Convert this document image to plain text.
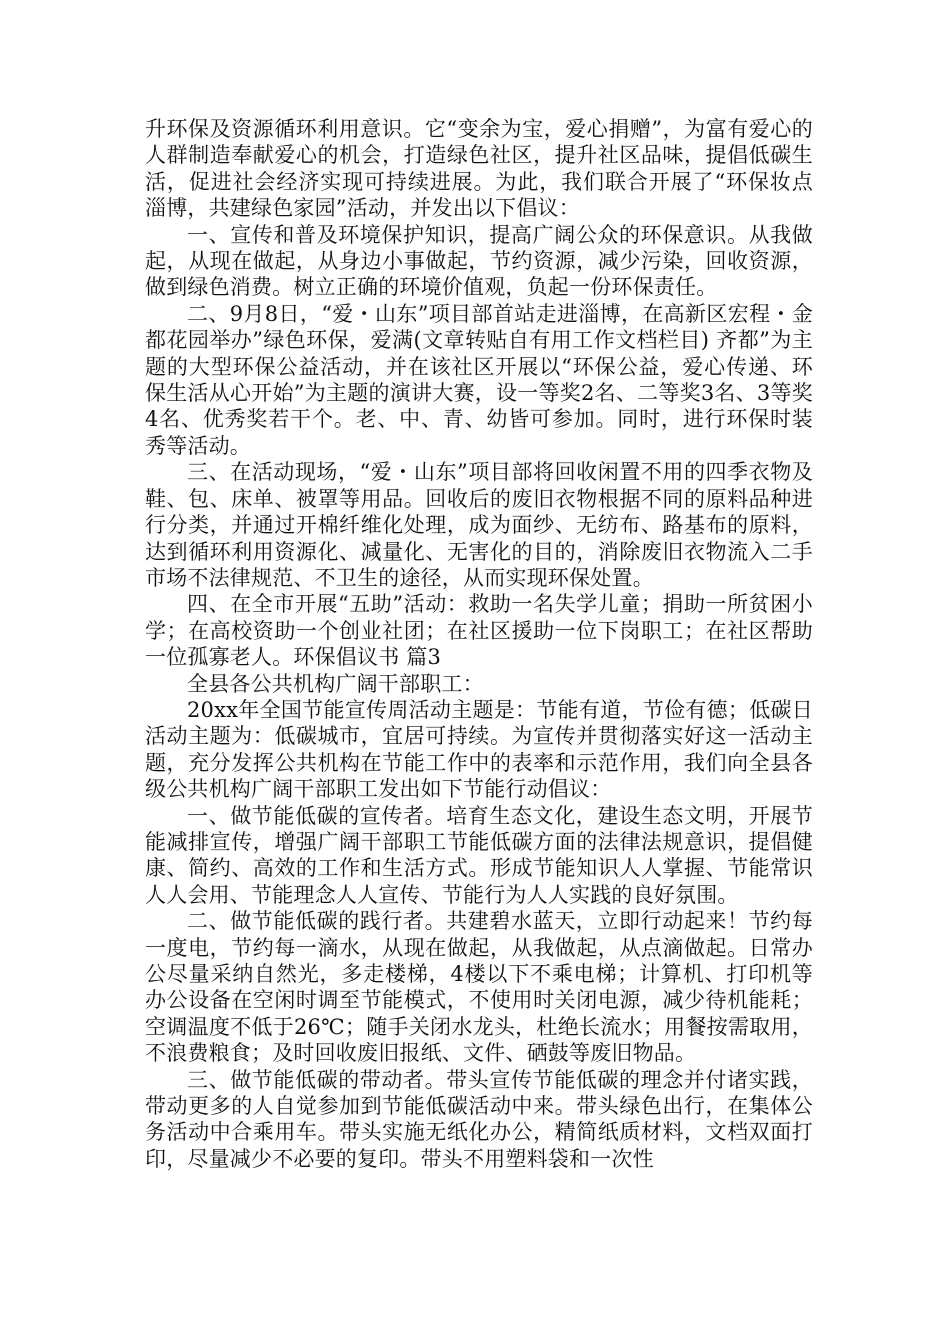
升环保及资源循环利用意识。它“变余为宝，爱心捐赠”，为富有爱心的人群制造奉献爱心的机会，打造绿色社区，提升社区品味，提倡低碳生活，促进社会经济实现可持续进展。为此，我们联合开展了“环保妆点淄博，共建绿色家园”活动，并发出以下倡议：

一、宣传和普及环境保护知识，提高广阔公众的环保意识。从我做起，从现在做起，从身边小事做起，节约资源，减少污染，回收资源，做到绿色消费。树立正确的环境价值观，负起一份环保责任。

二、9月8日，“爱・山东”项目部首站走进淄博，在高新区宏程・金都花园举办”绿色环保，爱满(文章转贴自有用工作文档栏目) 齐都”为主题的大型环保公益活动，并在该社区开展以“环保公益，爱心传递、环保生活从心开始”为主题的演讲大赛，设一等奖2名、二等奖3名、3等奖4名、优秀奖若干个。老、中、青、幼皆可参加。同时，进行环保时装秀等活动。

三、在活动现场，“爱・山东”项目部将回收闲置不用的四季衣物及鞋、包、床单、被罩等用品。回收后的废旧衣物根据不同的原料品种进行分类，并通过开棉纤维化处理，成为面纱、无纺布、路基布的原料，达到循环利用资源化、减量化、无害化的目的，消除废旧衣物流入二手市场不法律规范、不卫生的途径，从而实现环保处置。

四、在全市开展“五助”活动：救助一名失学儿童；捐助一所贫困小学；在高校资助一个创业社团；在社区援助一位下岗职工；在社区帮助一位孤寡老人。环保倡议书 篇3

全县各公共机构广阔干部职工：

20xx年全国节能宣传周活动主题是：节能有道，节俭有德；低碳日活动主题为：低碳城市，宜居可持续。为宣传并贯彻落实好这一活动主题，充分发挥公共机构在节能工作中的表率和示范作用，我们向全县各级公共机构广阔干部职工发出如下节能行动倡议：

一、做节能低碳的宣传者。培育生态文化，建设生态文明，开展节能减排宣传，增强广阔干部职工节能低碳方面的法律法规意识，提倡健康、简约、高效的工作和生活方式。形成节能知识人人掌握、节能常识人人会用、节能理念人人宣传、节能行为人人实践的良好氛围。

二、做节能低碳的践行者。共建碧水蓝天，立即行动起来！节约每一度电，节约每一滴水，从现在做起，从我做起，从点滴做起。日常办公尽量采纳自然光，多走楼梯，4楼以下不乘电梯；计算机、打印机等办公设备在空闲时调至节能模式，不使用时关闭电源，减少待机能耗；空调温度不低于26℃；随手关闭水龙头，杜绝长流水；用餐按需取用，不浪费粮食；及时回收废旧报纸、文件、硒鼓等废旧物品。

三、做节能低碳的带动者。带头宣传节能低碳的理念并付诸实践，带动更多的人自觉参加到节能低碳活动中来。带头绿色出行，在集体公务活动中合乘用车。带头实施无纸化办公，精简纸质材料，文档双面打印，尽量减少不必要的复印。带头不用塑料袋和一次性
